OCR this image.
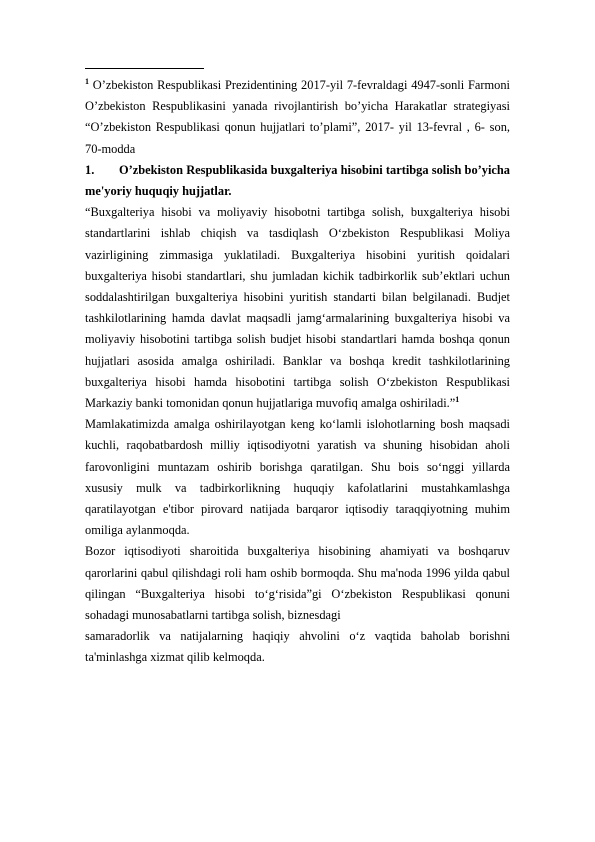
$^1$ O’zbekiston Respublikasi Prezidentining 2017-yil 7-fevraldagi 4947-sonli Farmoni O’zbekiston Respublikasini yanada rivojlantirish bo’yicha Harakatlar strategiyasi “O’zbekiston Respublikasi qonun hujjatlari to’plami”, 2017- yil 13-fevral , 6- son, 70-modda

1. O’zbekiston Respublikasida buxgalteriya hisobini tartibga solish bo’yicha me'yoriy huquqiy hujjatlar.

“Buxgalteriya hisobi va moliyaviy hisobotni tartibga solish, buxgalteriya hisobi standartlarini ishlab chiqish va tasdiqlash O‘zbekiston Respublikasi Moliya vazirligining zimmasiga yuklatiladi. Buxgalteriya hisobini yuritish qoidalari buxgalteriya hisobi standartlari, shu jumladan kichik tadbirkorlik sub’ektlari uchun soddalashtirilgan buxgalteriya hisobini yuritish standarti bilan belgilanadi. Budjet tashkilotlarining hamda davlat maqsadli jamg‘armalarining buxgalteriya hisobi va moliyaviy hisobotini tartibga solish budjet hisobi standartlari hamda boshqa qonun hujjatlari asosida amalga oshiriladi. Banklar va boshqa kredit tashkilotlarining buxgalteriya hisobi hamda hisobotini tartibga solish O‘zbekiston Respublikasi Markaziy banki tomonidan qonun hujjatlariga muvofiq amalga oshiriladi.”$^1$

Mamlakatimizda amalga oshirilayotgan keng ko‘lamli islohotlarning bosh maqsadi kuchli, raqobatbardosh milliy iqtisodiyotni yaratish va shuning hisobidan aholi farovonligini muntazam oshirib borishga qaratilgan. Shu bois so‘nggi yillarda xususiy mulk va tadbirkorlikning huquqiy kafolatlarini mustahkamlashga qaratilayotgan e'tibor pirovard natijada barqaror iqtisodiy taraqqiyotning muhim omiliga aylanmoqda.

Bozor iqtisodiyoti sharoitida buxgalteriya hisobining ahamiyati va boshqaruv qarorlarini qabul qilishdagi roli ham oshib bormoqda. Shu ma'noda 1996 yilda qabul qilingan “Buxgalteriya hisobi to‘g‘risida”gi O‘zbekiston Respublikasi qonuni sohadagi munosabatlarni tartibga solish, biznesdagi

samaradorlik va natijalarning haqiqiy ahvolini o‘z vaqtida baholab borishni ta'minlashga xizmat qilib kelmoqda.
